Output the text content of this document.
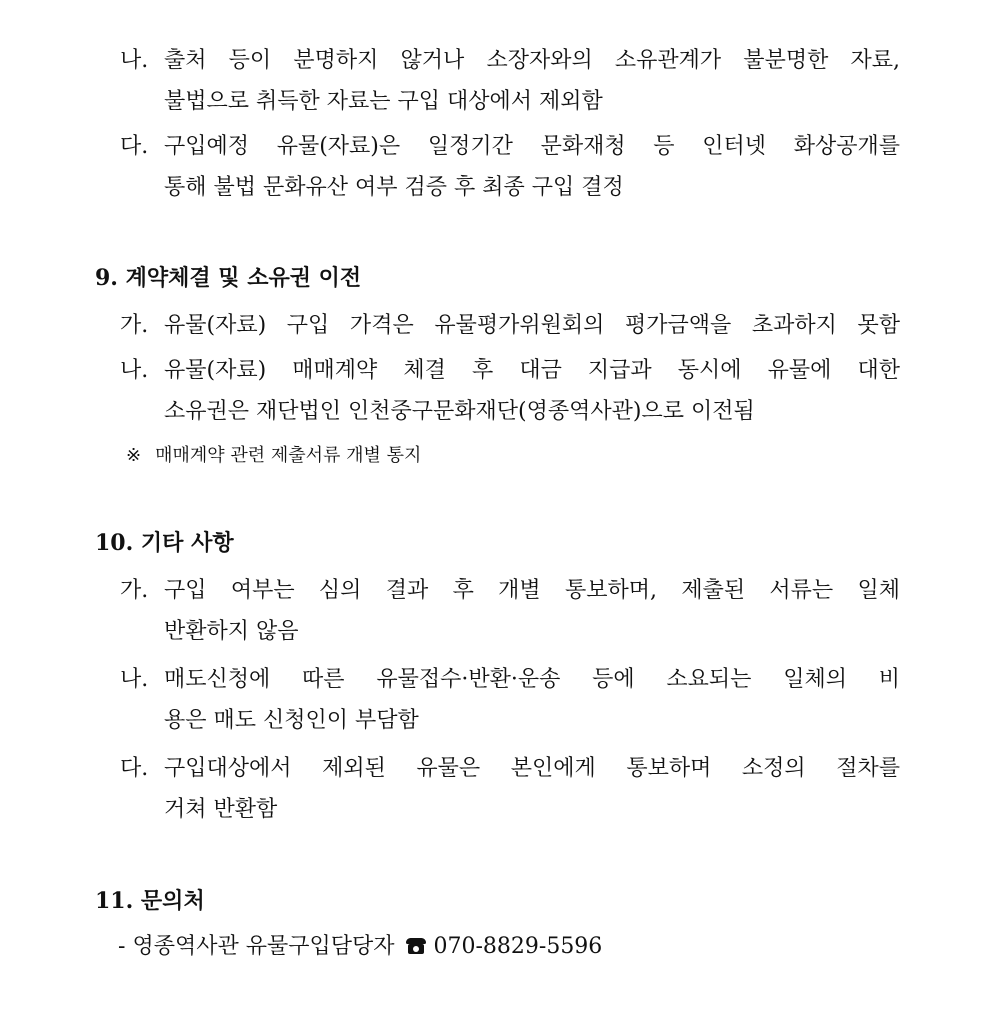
나. 출처 등이 분명하지 않거나 소장자와의 소유관계가 불분명한 자료,
불법으로 취득한 자료는 구입 대상에서 제외함
다. 구입예정 유물(자료)은 일정기간 문화재청 등 인터넷 화상공개를
통해 불법 문화유산 여부 검증 후 최종 구입 결정
9. 계약체결 및 소유권 이전
가. 유물(자료) 구입 가격은 유물평가위원회의 평가금액을 초과하지 못함
나. 유물(자료) 매매계약 체결 후 대금 지급과 동시에 유물에 대한
소유권은 재단법인 인천중구문화재단(영종역사관)으로 이전됨
※ 매매계약 관련 제출서류 개별 통지
10. 기타 사항
가. 구입 여부는 심의 결과 후 개별 통보하며, 제출된 서류는 일체
반환하지 않음
나. 매도신청에 따른 유물접수·반환·운송 등에 소요되는 일체의 비
용은 매도 신청인이 부담함
다. 구입대상에서 제외된 유물은 본인에게 통보하며 소정의 절차를
거쳐 반환함
11. 문의처
- 영종역사관 유물구입담당자 070-8829-5596
